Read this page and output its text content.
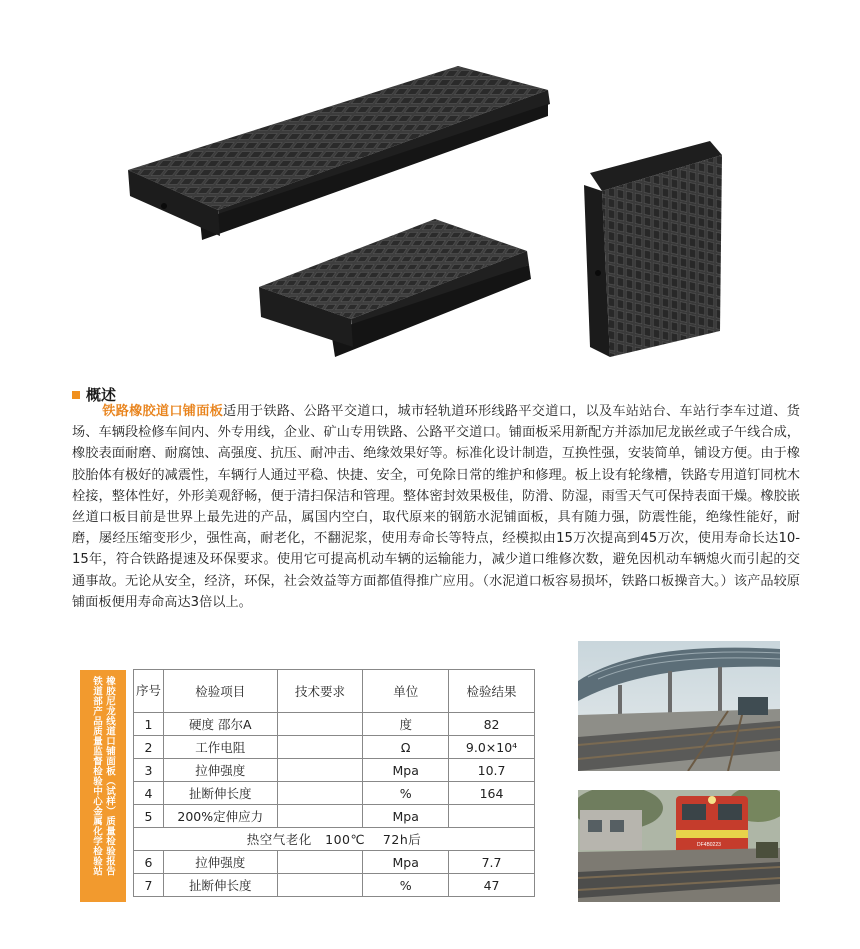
概述
铁路橡胶道口铺面板适用于铁路、公路平交道口，城市轻轨道环形线路平交道口，以及车站站台、车站行李车过道、货场、车辆段检修车间内、外专用线，企业、矿山专用铁路、公路平交道口。铺面板采用新配方并添加尼龙嵌丝或子午线合成，橡胶表面耐磨、耐腐蚀、高强度、抗压、耐冲击、绝缘效果好等。标准化设计制造，互换性强，安装简单，铺设方便。由于橡胶胎体有极好的减震性，车辆行人通过平稳、快捷、安全，可免除日常的维护和修理。板上设有轮缘槽，铁路专用道钉同枕木栓接，整体性好，外形美观舒畅，便于清扫保洁和管理。整体密封效果极佳，防滑、防湿，雨雪天气可保持表面干燥。橡胶嵌丝道口板目前是世界上最先进的产品，属国内空白，取代原来的钢筋水泥铺面板，具有随力强，防震性能，绝缘性能好，耐磨，屡经压缩变形少，强性高，耐老化，不翻泥浆，使用寿命长等特点，经模拟由15万次提高到45万次，使用寿命长达10-15年，符合铁路提速及环保要求。使用它可提高机动车辆的运输能力，减少道口维修次数，避免因机动车辆熄火而引起的交通事故。无论从安全，经济，环保，社会效益等方面都值得推广应用。（水泥道口板容易损坏，铁路口板操音大。）该产品较原铺面板便用寿命高达3倍以上。
橡胶尼龙线道口铺面板（试样）质量检验报告
铁道部产品质量监督检验中心金属化学检验站	序号	检验项目	技术要求	单位	检验结果
1	硬度 邵尔A		度	82
2	工作电阻		Ω	9.0×10⁴
3	拉伸强度		Mpa	10.7
4	扯断伸长度		%	164
5	200%定伸应力		Mpa	
热空气老化   100℃    72h后				
6	拉伸强度		Mpa	7.7
7	扯断伸长度		%	47
DF4B0223
